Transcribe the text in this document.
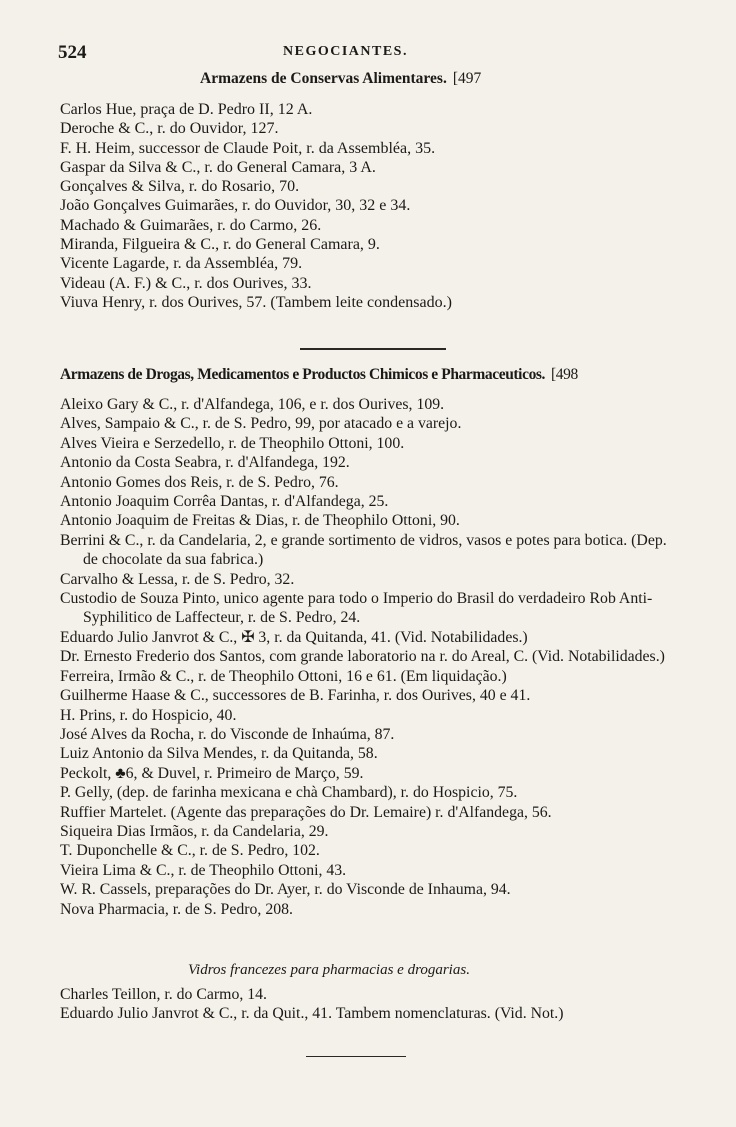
524	NEGOCIANTES.
Armazens de Conservas Alimentares. [497
Carlos Hue, praça de D. Pedro II, 12 A.
Deroche & C., r. do Ouvidor, 127.
F. H. Heim, successor de Claude Poit, r. da Assembléa, 35.
Gaspar da Silva & C., r. do General Camara, 3 A.
Gonçalves & Silva, r. do Rosario, 70.
João Gonçalves Guimarães, r. do Ouvidor, 30, 32 e 34.
Machado & Guimarães, r. do Carmo, 26.
Miranda, Filgueira & C., r. do General Camara, 9.
Vicente Lagarde, r. da Assembléa, 79.
Videau (A. F.) & C., r. dos Ourives, 33.
Viuva Henry, r. dos Ourives, 57. (Tambem leite condensado.)
Armazens de Drogas, Medicamentos e Productos Chimicos e Pharmaceuticos. [498
Aleixo Gary & C., r. d'Alfandega, 106, e r. dos Ourives, 109.
Alves, Sampaio & C., r. de S. Pedro, 99, por atacado e a varejo.
Alves Vieira e Serzedello, r. de Theophilo Ottoni, 100.
Antonio da Costa Seabra, r. d'Alfandega, 192.
Antonio Gomes dos Reis, r. de S. Pedro, 76.
Antonio Joaquim Corrêa Dantas, r. d'Alfandega, 25.
Antonio Joaquim de Freitas & Dias, r. de Theophilo Ottoni, 90.
Berrini & C., r. da Candelaria, 2, e grande sortimento de vidros, vasos e potes para botica. (Dep. de chocolate da sua fabrica.)
Carvalho & Lessa, r. de S. Pedro, 32.
Custodio de Souza Pinto, unico agente para todo o Imperio do Brasil do verdadeiro Rob Anti-Syphilitico de Laffecteur, r. de S. Pedro, 24.
Eduardo Julio Janvrot & C., ✠ 3, r. da Quitanda, 41. (Vid. Notabilidades.)
Dr. Ernesto Frederio dos Santos, com grande laboratorio na r. do Areal, C. (Vid. Notabilidades.)
Ferreira, Irmão & C., r. de Theophilo Ottoni, 16 e 61. (Em liquidação.)
Guilherme Haase & C., successores de B. Farinha, r. dos Ourives, 40 e 41.
H. Prins, r. do Hospicio, 40.
José Alves da Rocha, r. do Visconde de Inhaúma, 87.
Luiz Antonio da Silva Mendes, r. da Quitanda, 58.
Peckolt, ♣6, & Duvel, r. Primeiro de Março, 59.
P. Gelly, (dep. de farinha mexicana e chà Chambard), r. do Hospicio, 75.
Ruffier Martelet. (Agente das preparações do Dr. Lemaire) r. d'Alfandega, 56.
Siqueira Dias Irmãos, r. da Candelaria, 29.
T. Duponchelle & C., r. de S. Pedro, 102.
Vieira Lima & C., r. de Theophilo Ottoni, 43.
W. R. Cassels, preparações do Dr. Ayer, r. do Visconde de Inhauma, 94.
Nova Pharmacia, r. de S. Pedro, 208.
Vidros francezes para pharmacias e drogarias.
Charles Teillon, r. do Carmo, 14.
Eduardo Julio Janvrot & C., r. da Quit., 41. Tambem nomenclaturas. (Vid. Not.)
